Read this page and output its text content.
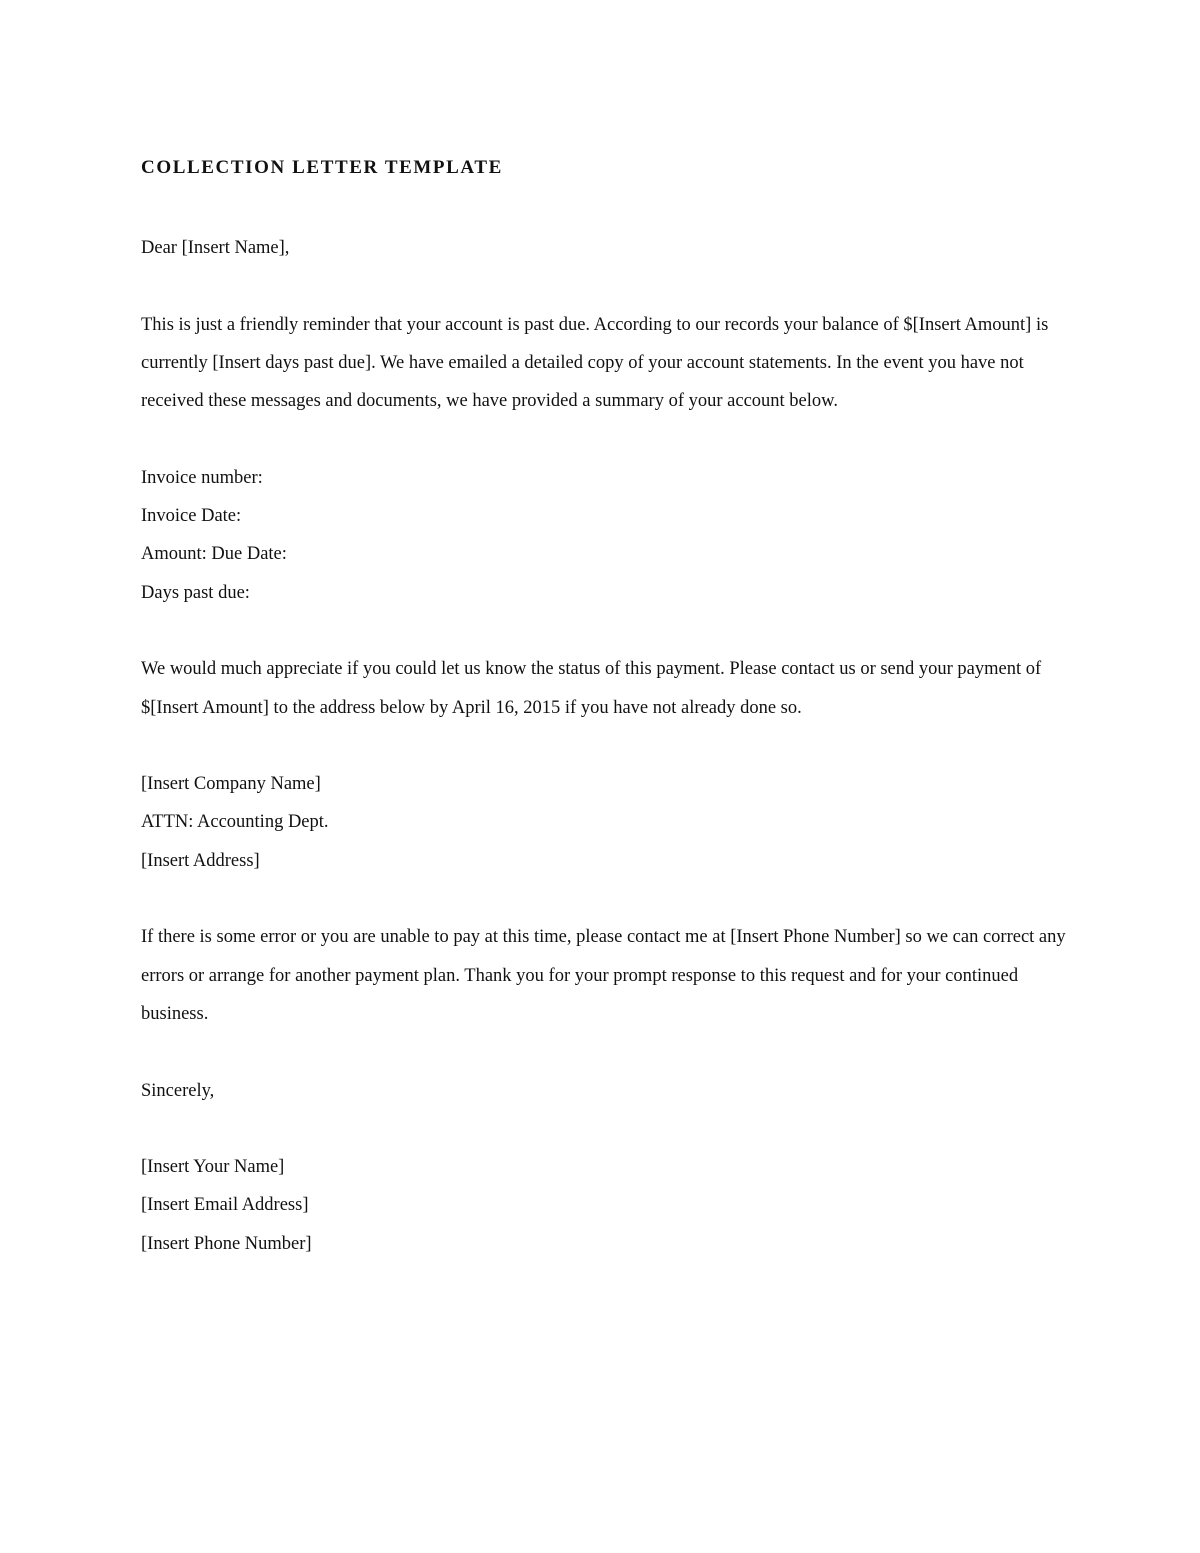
COLLECTION LETTER TEMPLATE

Dear [Insert Name],

This is just a friendly reminder that your account is past due. According to our records your balance of $[Insert Amount] is currently [Insert days past due]. We have emailed a detailed copy of your account statements. In the event you have not received these messages and documents, we have provided a summary of your account below.

Invoice number:
Invoice Date:
Amount: Due Date:
Days past due:

We would much appreciate if you could let us know the status of this payment. Please contact us or send your payment of $[Insert Amount] to the address below by April 16, 2015 if you have not already done so.

[Insert Company Name]
ATTN: Accounting Dept.
[Insert Address]

If there is some error or you are unable to pay at this time, please contact me at [Insert Phone Number] so we can correct any errors or arrange for another payment plan. Thank you for your prompt response to this request and for your continued business.

Sincerely,

[Insert Your Name]
[Insert Email Address]
[Insert Phone Number]
